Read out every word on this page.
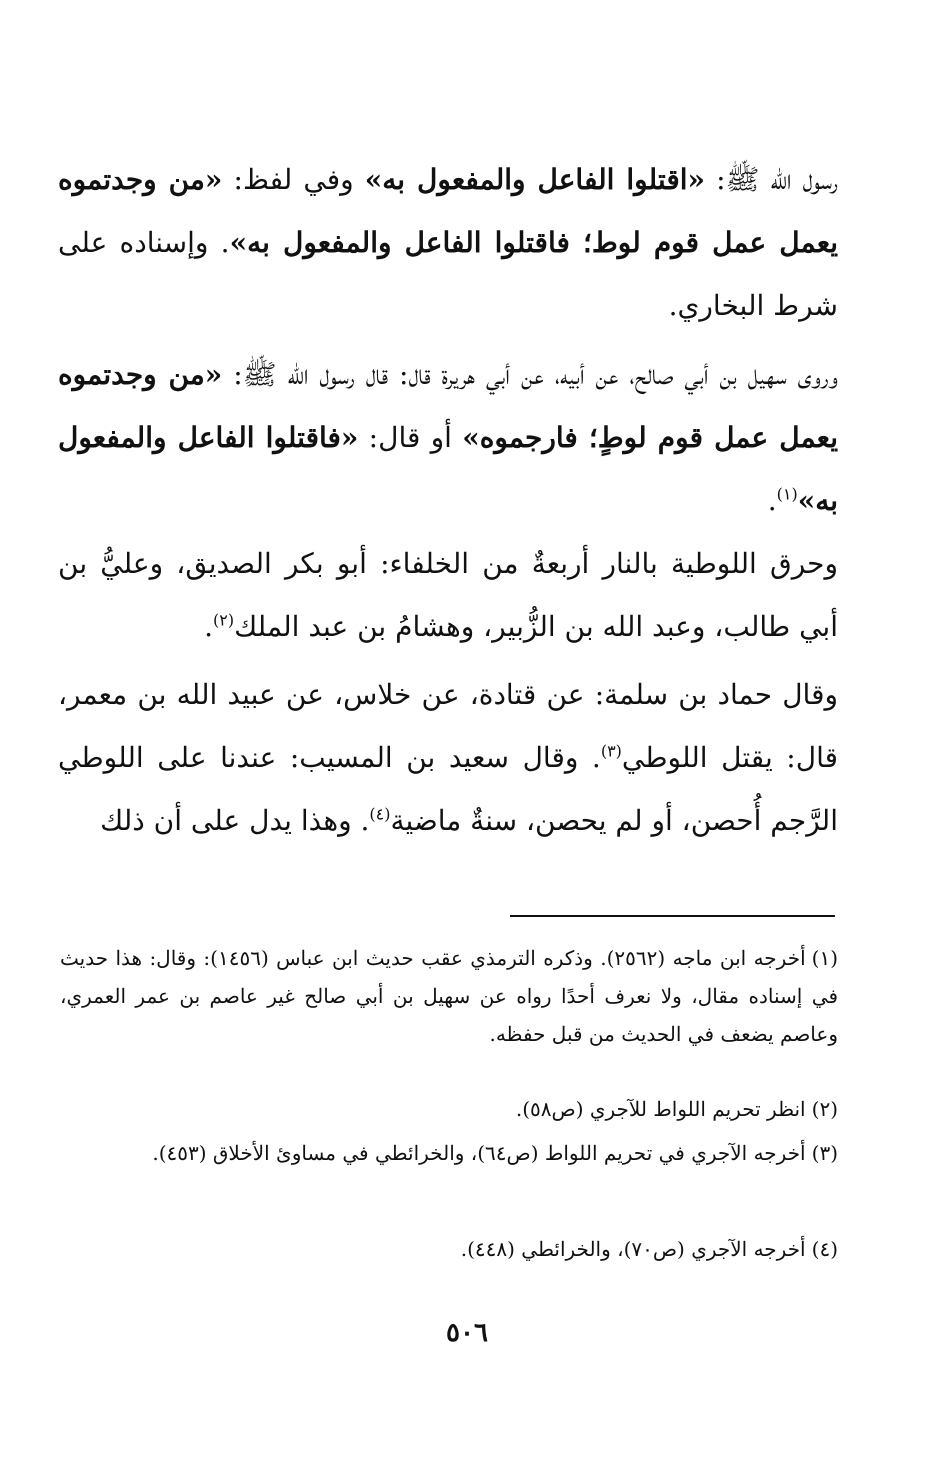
رسول الله ﷺ: «اقتلوا الفاعل والمفعول به» وفي لفظ: «من وجدتموه يعمل عمل قوم لوط؛ فاقتلوا الفاعل والمفعول به». وإسناده على شرط البخاري.

وروى سهيل بن أبي صالح، عن أبيه، عن أبي هريرة قال: قال رسول الله ﷺ: «من وجدتموه يعمل عمل قوم لوطٍ؛ فارجموه» أو قال: «فاقتلوا الفاعل والمفعول به»$^{(١)}$.

وحرق اللوطية بالنار أربعةٌ من الخلفاء: أبو بكر الصديق، وعليُّ بن أبي طالب، وعبد الله بن الزُّبير، وهشامُ بن عبد الملك$^{(٢)}$.

وقال حماد بن سلمة: عن قتادة، عن خلاس، عن عبيد الله بن معمر، قال: يقتل اللوطي$^{(٣)}$. وقال سعيد بن المسيب: عندنا على اللوطي الرَّجم أُحصن، أو لم يحصن، سنةٌ ماضية$^{(٤)}$. وهذا يدل على أن ذلك

(١)أخرجه ابن ماجه (٢٥٦٢). وذكره الترمذي عقب حديث ابن عباس (١٤٥٦): وقال: هذا حديث في إسناده مقال، ولا نعرف أحدًا رواه عن سهيل بن أبي صالح غير عاصم بن عمر العمري، وعاصم يضعف في الحديث من قبل حفظه.

(٢)انظر تحريم اللواط للآجري (ص٥٨).

(٣)أخرجه الآجري في تحريم اللواط (ص٦٤)، والخرائطي في مساوئ الأخلاق (٤٥٣).

(٤)أخرجه الآجري (ص٧٠)، والخرائطي (٤٤٨).

٥٠٦
